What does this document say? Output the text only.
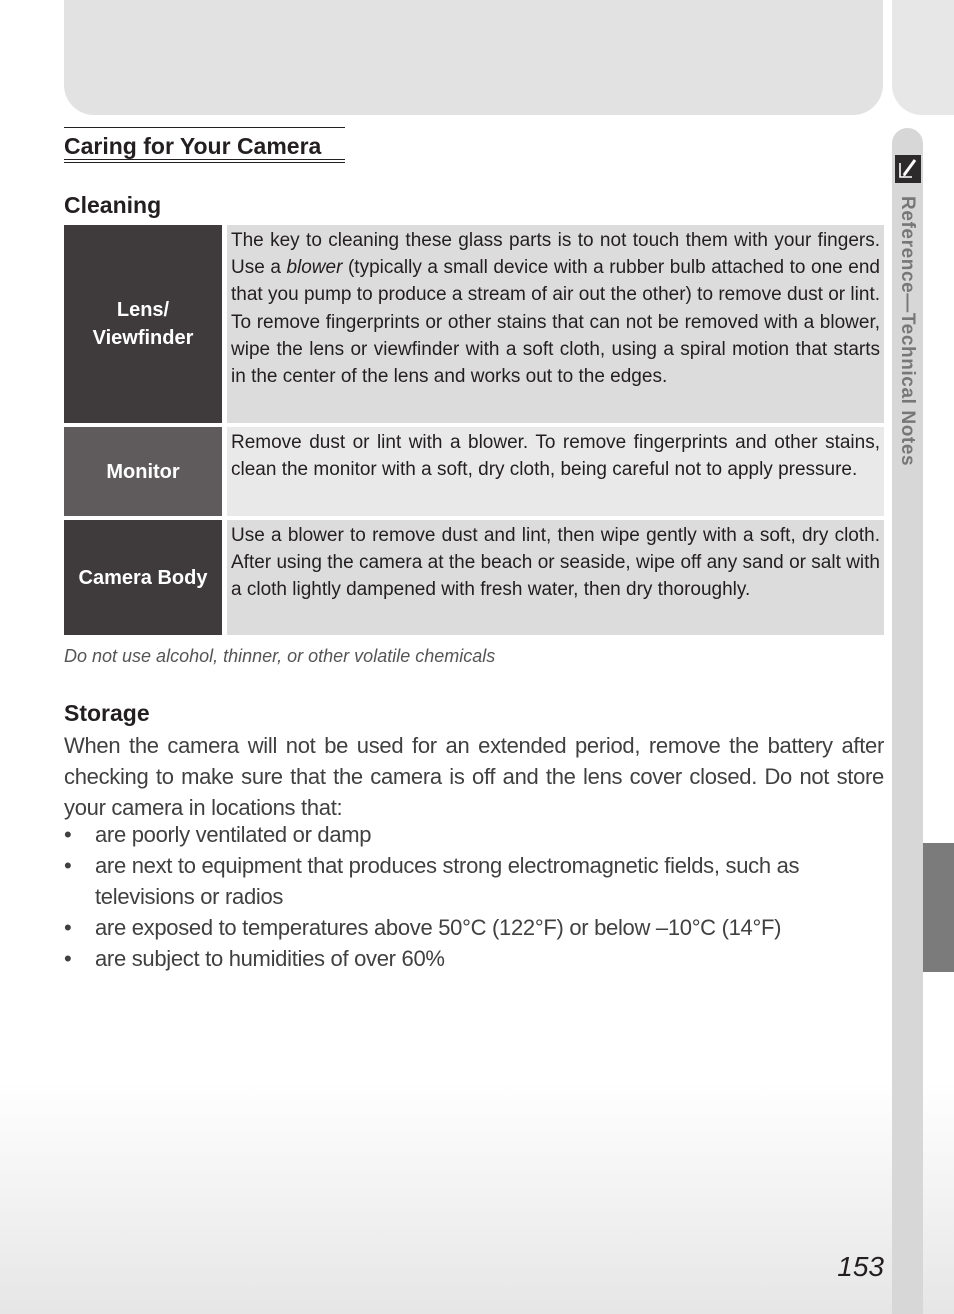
Reference—Technical Notes
Caring for Your Camera
Cleaning
Lens/ Viewfinder
The key to cleaning these glass parts is to not touch them with your fingers. Use a blower (typically a small device with a rubber bulb attached to one end that you pump to produce a stream of air out the other) to remove dust or lint. To remove fingerprints or other stains that can not be removed with a blower, wipe the lens or viewfinder with a soft cloth, using a spiral motion that starts in the center of the lens and works out to the edges.
Monitor
Remove dust or lint with a blower. To remove fingerprints and other stains, clean the monitor with a soft, dry cloth, being careful not to apply pressure.
Camera Body
Use a blower to remove dust and lint, then wipe gently with a soft, dry cloth. After using the camera at the beach or seaside, wipe off any sand or salt with a cloth lightly dampened with fresh water, then dry thoroughly.
Do not use alcohol, thinner, or other volatile chemicals
Storage
When the camera will not be used for an extended period, remove the battery after checking to make sure that the camera is off and the lens cover closed. Do not store your camera in locations that:
• are poorly ventilated or damp
• are next to equipment that produces strong electromagnetic fields, such as televisions or radios
• are exposed to temperatures above 50°C (122°F) or below –10°C (14°F)
• are subject to humidities of over 60%
153
